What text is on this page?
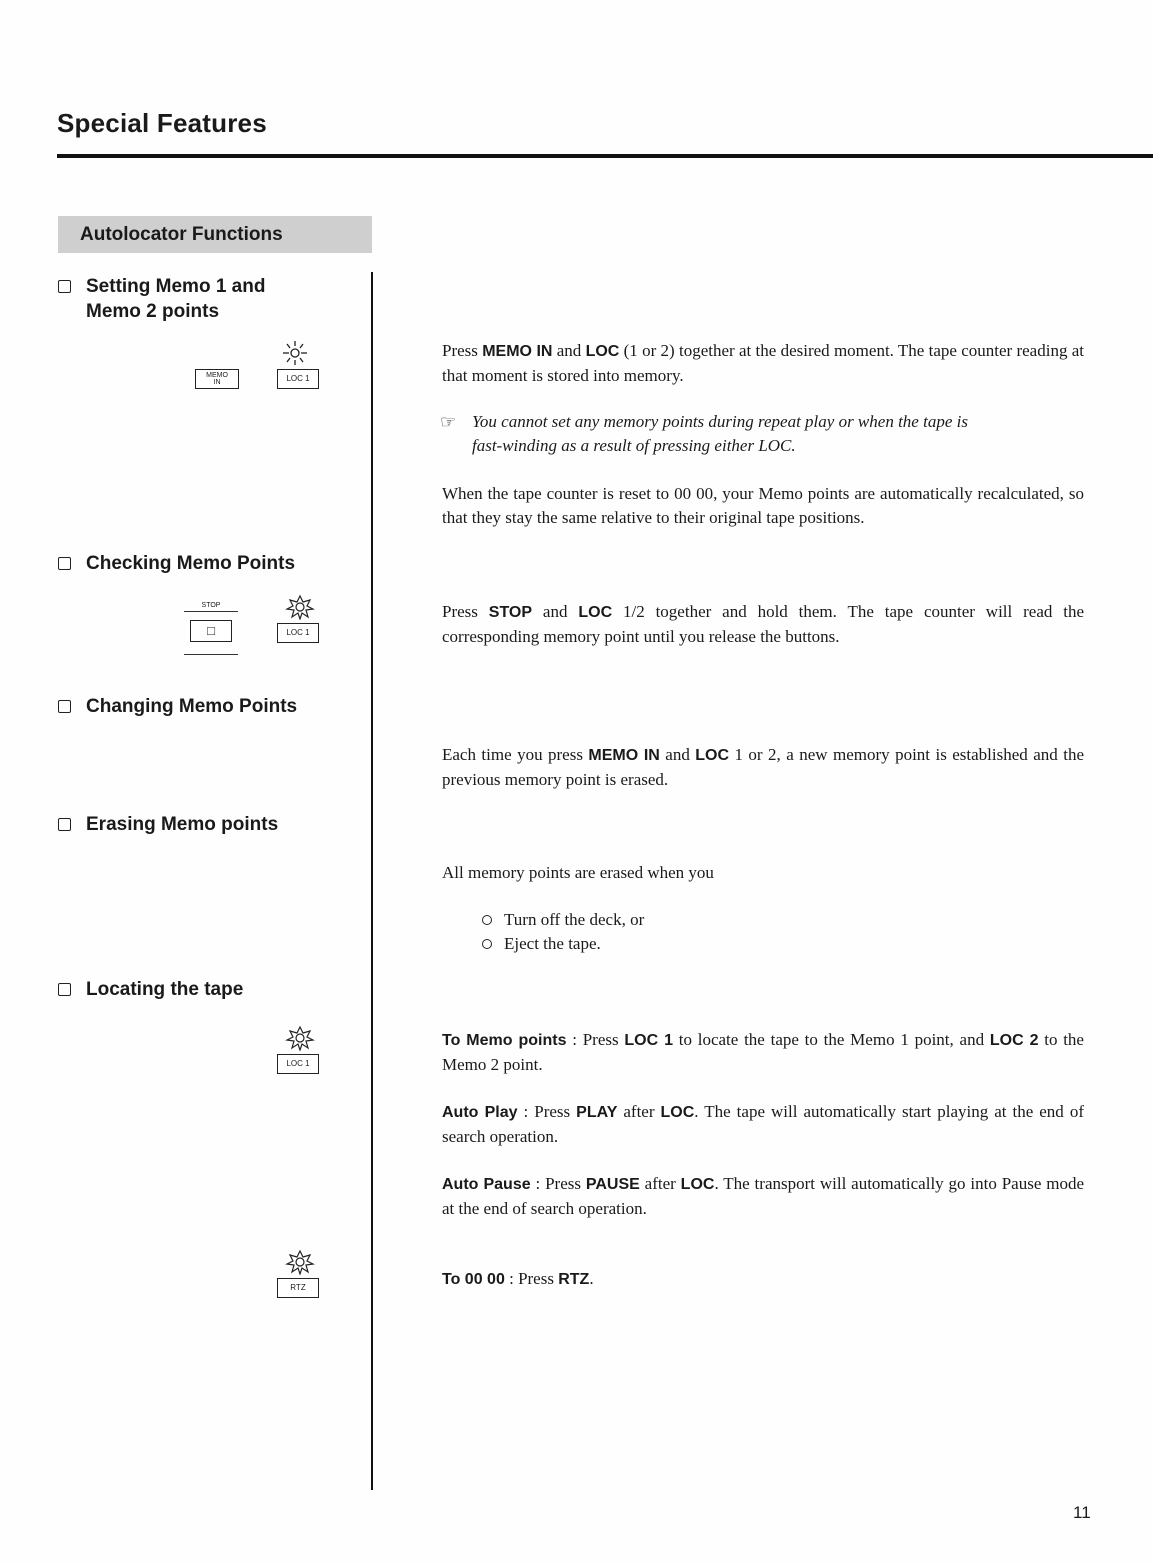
Special Features
Autolocator Functions
Setting Memo 1 and
Memo 2 points
Checking Memo Points
Changing Memo Points
Erasing Memo points
Locating the tape
MEMO
IN	LOC 1
STOP
□	LOC 1
LOC 1
RTZ
Press MEMO IN and LOC (1 or 2) together at the desired moment. The tape counter reading at that moment is stored into memory.
☞ You cannot set any memory points during repeat play or when the tape is
fast-winding as a result of pressing either LOC.
When the tape counter is reset to 00 00, your Memo points are automatically recalculated, so that they stay the same relative to their original tape positions.
Press STOP and LOC 1/2 together and hold them. The tape counter will read the corresponding memory point until you release the buttons.
Each time you press MEMO IN and LOC 1 or 2, a new memory point is established and the previous memory point is erased.
All memory points are erased when you
Turn off the deck, or
Eject the tape.
To Memo points : Press LOC 1 to locate the tape to the Memo 1 point, and LOC 2 to the Memo 2 point.
Auto Play : Press PLAY after LOC. The tape will automatically start playing at the end of search operation.
Auto Pause : Press PAUSE after LOC. The transport will automatically go into Pause mode at the end of search operation.
To 00 00 : Press RTZ.
11
